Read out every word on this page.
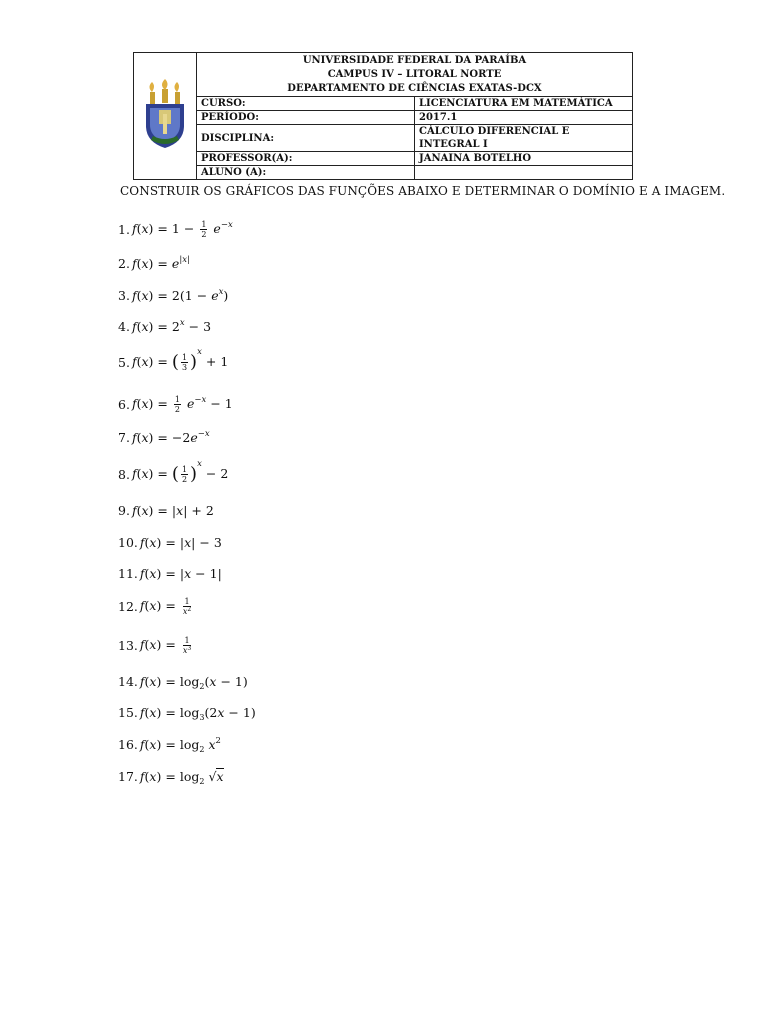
UNIVERSIDADE FEDERAL DA PARAÍBA
CAMPUS IV – LITORAL NORTE
DEPARTAMENTO DE CIÊNCIAS EXATAS-DCX	

	CURSO:	LICENCIATURA EM MATEMÁTICA
	PERÍODO:	2017.1
	DISCIPLINA:	CÁLCULO DIFERENCIAL E INTEGRAL I
	PROFESSOR(A):	JANAINA BOTELHO
	ALUNO (A):	
CONSTRUIR OS GRÁFICOS DAS FUNÇÕES ABAIXO E DETERMINAR O DOMÍNIO E A IMAGEM.
1. $f(x) = 1 - \frac{1}{2} e^{-x}$
2. $f(x) = e^{|x|}$
3. $f(x) = 2(1 - e^x)$
4. $f(x) = 2^x - 3$
5. f(x) = ( $\frac{1}{3} )^x+ 1$
6. $f(x) = \frac{1}{2} e^{-x} - 1$
7. $f(x) = -2e^{-x}$
8. f(x) = ( $\frac{1}{2} )^x- 2$
9. f(x) = |x| + 2
10. f(x) = |x| − 3
11. f(x) = |x − 1|
12. $f(x) = \frac{1}{x^2}$
13. $f(x) = \frac{1}{x^3}$
14. $f(x) = \log_2(x - 1)$
15. $f(x) = \log_3(2x - 1)$
16. $f(x) = \log_2 x^2$
17. $f(x) = \log_2 √x$
